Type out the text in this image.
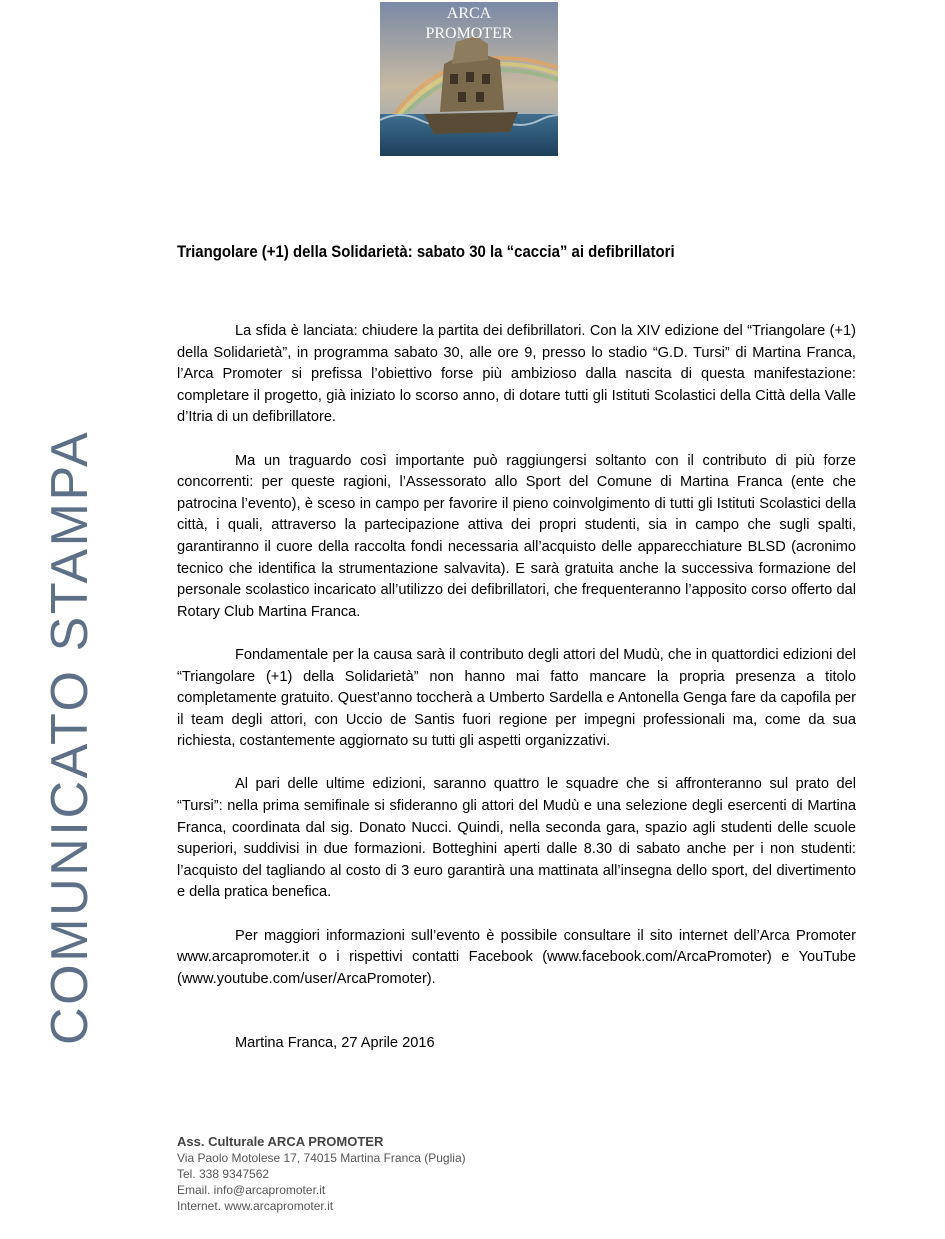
ARCA
PROMOTER
COMUNICATO STAMPA
Triangolare (+1) della Solidarietà: sabato 30 la “caccia” ai defibrillatori

La sfida è lanciata: chiudere la partita dei defibrillatori. Con la XIV edizione del “Triangolare (+1) della Solidarietà”, in programma sabato 30, alle ore 9, presso lo stadio “G.D. Tursi” di Martina Franca, l’Arca Promoter si prefissa l’obiettivo forse più ambizioso dalla nascita di questa manifestazione: completare il progetto, già iniziato lo scorso anno, di dotare tutti gli Istituti Scolastici della Città della Valle d’Itria di un defibrillatore.

Ma un traguardo così importante può raggiungersi soltanto con il contributo di più forze concorrenti: per queste ragioni, l’Assessorato allo Sport del Comune di Martina Franca (ente che patrocina l’evento), è sceso in campo per favorire il pieno coinvolgimento di tutti gli Istituti Scolastici della città, i quali, attraverso la partecipazione attiva dei propri studenti, sia in campo che sugli spalti, garantiranno il cuore della raccolta fondi necessaria all’acquisto delle apparecchiature BLSD (acronimo tecnico che identifica la strumentazione salvavita). E sarà gratuita anche la successiva formazione del personale scolastico incaricato all’utilizzo dei defibrillatori, che frequenteranno l’apposito corso offerto dal Rotary Club Martina Franca.

Fondamentale per la causa sarà il contributo degli attori del Mudù, che in quattordici edizioni del “Triangolare (+1) della Solidarietà” non hanno mai fatto mancare la propria presenza a titolo completamente gratuito. Quest’anno toccherà a Umberto Sardella e Antonella Genga fare da capofila per il team degli attori, con Uccio de Santis fuori regione per impegni professionali ma, come da sua richiesta, costantemente aggiornato su tutti gli aspetti organizzativi.

Al pari delle ultime edizioni, saranno quattro le squadre che si affronteranno sul prato del “Tursi”: nella prima semifinale si sfideranno gli attori del Mudù e una selezione degli esercenti di Martina Franca, coordinata dal sig. Donato Nucci. Quindi, nella seconda gara, spazio agli studenti delle scuole superiori, suddivisi in due formazioni. Botteghini aperti dalle 8.30 di sabato anche per i non studenti: l’acquisto del tagliando al costo di 3 euro garantirà una mattinata all’insegna dello sport, del divertimento e della pratica benefica.

Per maggiori informazioni sull’evento è possibile consultare il sito internet dell’Arca Promoter www.arcapromoter.it o i rispettivi contatti Facebook (www.facebook.com/ArcaPromoter) e YouTube (www.youtube.com/user/ArcaPromoter).

Martina Franca, 27 Aprile 2016
Ass. Culturale ARCA PROMOTER
Via Paolo Motolese 17, 74015 Martina Franca (Puglia)
Tel. 338 9347562
Email. info@arcapromoter.it
Internet. www.arcapromoter.it
